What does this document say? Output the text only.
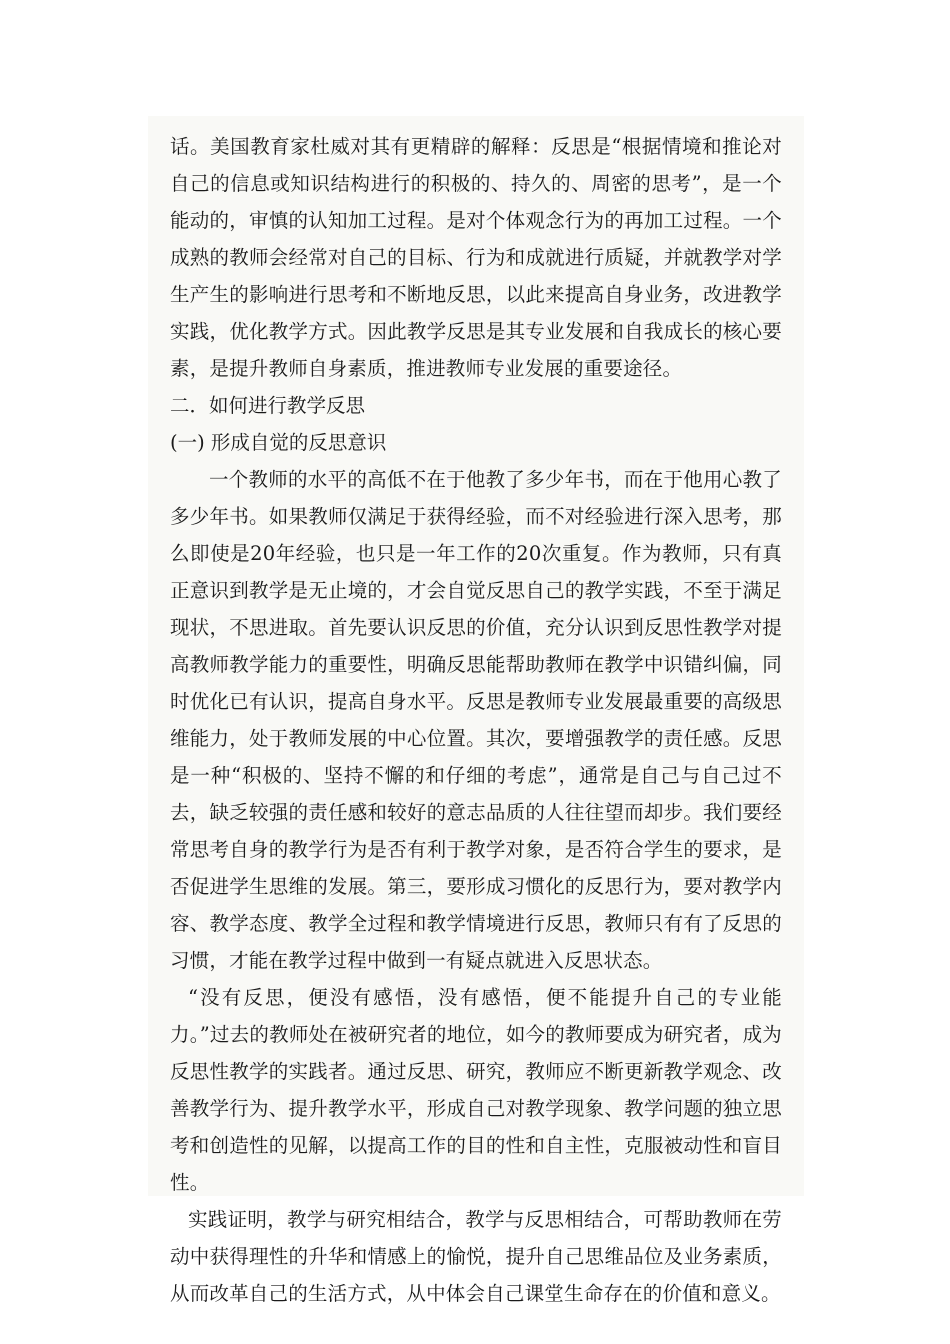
话。美国教育家杜威对其有更精辟的解释：反思是“根据情境和推论对自己的信息或知识结构进行的积极的、持久的、周密的思考”，是一个能动的，审慎的认知加工过程。是对个体观念行为的再加工过程。一个成熟的教师会经常对自己的目标、行为和成就进行质疑，并就教学对学生产生的影响进行思考和不断地反思，以此来提高自身业务，改进教学实践，优化教学方式。因此教学反思是其专业发展和自我成长的核心要素，是提升教师自身素质，推进教师专业发展的重要途径。

二．如何进行教学反思

(一) 形成自觉的反思意识

一个教师的水平的高低不在于他教了多少年书，而在于他用心教了多少年书。如果教师仅满足于获得经验，而不对经验进行深入思考，那么即使是20年经验，也只是一年工作的20次重复。作为教师，只有真正意识到教学是无止境的，才会自觉反思自己的教学实践，不至于满足现状，不思进取。首先要认识反思的价值，充分认识到反思性教学对提高教师教学能力的重要性，明确反思能帮助教师在教学中识错纠偏，同时优化已有认识，提高自身水平。反思是教师专业发展最重要的高级思维能力，处于教师发展的中心位置。其次，要增强教学的责任感。反思是一种“积极的、坚持不懈的和仔细的考虑”，通常是自己与自己过不去，缺乏较强的责任感和较好的意志品质的人往往望而却步。我们要经常思考自身的教学行为是否有利于教学对象，是否符合学生的要求，是否促进学生思维的发展。第三，要形成习惯化的反思行为，要对教学内容、教学态度、教学全过程和教学情境进行反思，教师只有有了反思的习惯，才能在教学过程中做到一有疑点就进入反思状态。

“没有反思，便没有感悟，没有感悟，便不能提升自己的专业能力。”过去的教师处在被研究者的地位，如今的教师要成为研究者，成为反思性教学的实践者。通过反思、研究，教师应不断更新教学观念、改善教学行为、提升教学水平，形成自己对教学现象、教学问题的独立思考和创造性的见解，以提高工作的目的性和自主性，克服被动性和盲目性。

实践证明，教学与研究相结合，教学与反思相结合，可帮助教师在劳动中获得理性的升华和情感上的愉悦，提升自己思维品位及业务素质，从而改革自己的生活方式，从中体会自己课堂生命存在的价值和意义。
